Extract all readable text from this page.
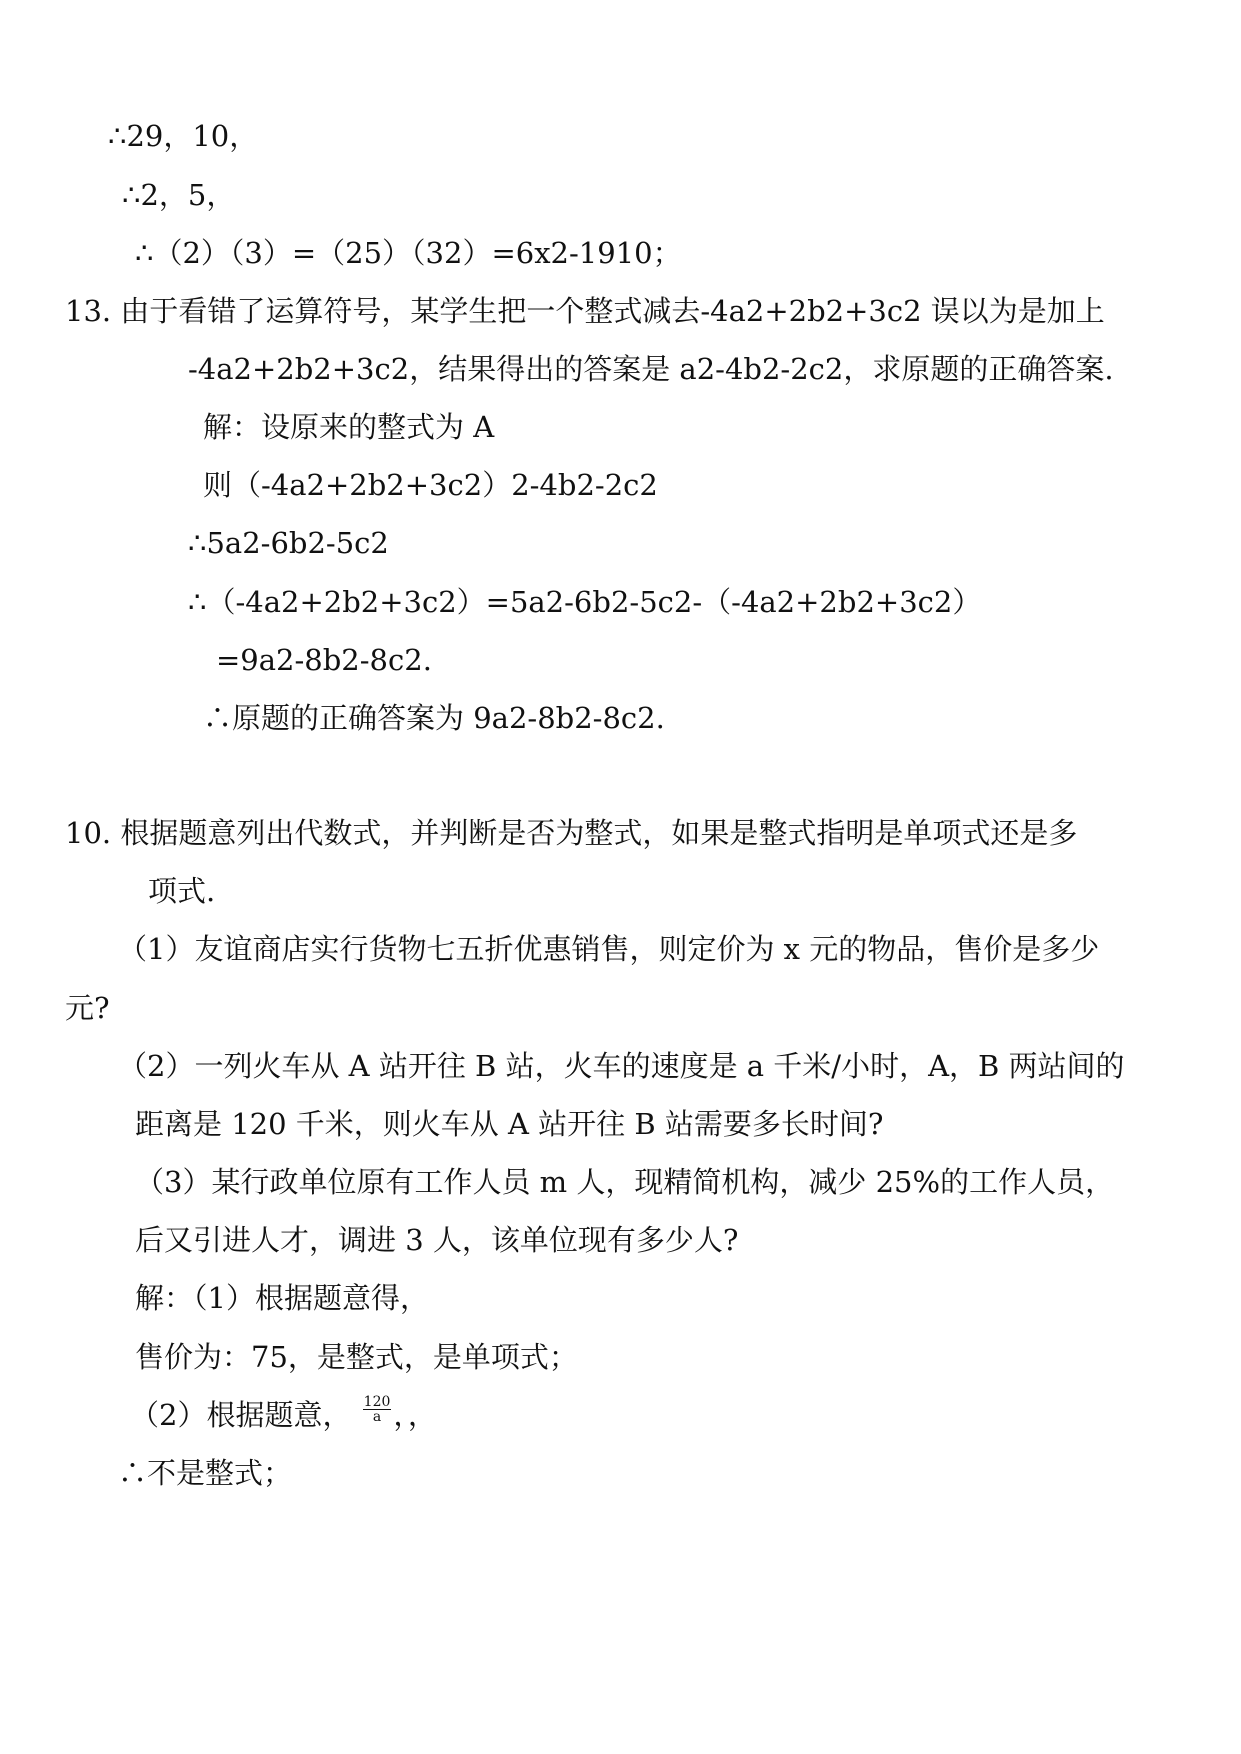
∴29，10，
∴2，5，
∴（2）（3）=（25）（32）=6x2-1910；
13. 由于看错了运算符号，某学生把一个整式减去-4a2+2b2+3c2 误以为是加上
-4a2+2b2+3c2，结果得出的答案是 a2-4b2-2c2，求原题的正确答案.
解：设原来的整式为 A
则（-4a2+2b2+3c2）2-4b2-2c2
∴5a2-6b2-5c2
∴（-4a2+2b2+3c2）=5a2-6b2-5c2-（-4a2+2b2+3c2）
=9a2-8b2-8c2.
∴原题的正确答案为 9a2-8b2-8c2.
10. 根据题意列出代数式，并判断是否为整式，如果是整式指明是单项式还是多
项式.
（1）友谊商店实行货物七五折优惠销售，则定价为 x 元的物品，售价是多少
元?
（2）一列火车从 A 站开往 B 站，火车的速度是 a 千米/小时，A，B 两站间的
距离是 120 千米，则火车从 A 站开往 B 站需要多长时间?
（3）某行政单位原有工作人员 m 人，现精简机构，减少 25%的工作人员，
后又引进人才，调进 3 人，该单位现有多少人?
解：（1）根据题意得，
售价为：75，是整式，是单项式；
（2）根据题意， $\frac{120}{a}$ ，，
∴不是整式；
